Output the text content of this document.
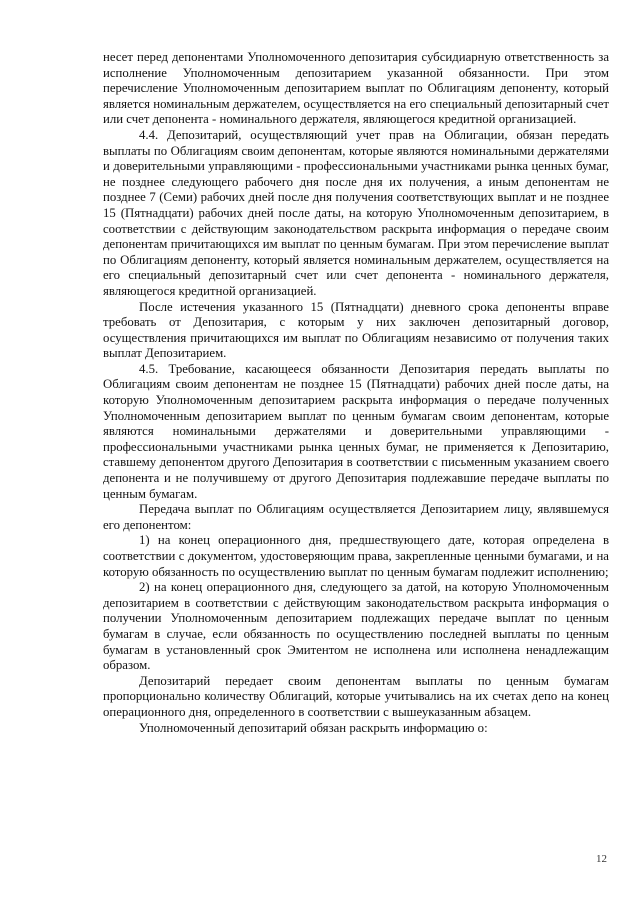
несет перед депонентами Уполномоченного депозитария субсидиарную ответственность за исполнение Уполномоченным депозитарием указанной обязанности. При этом перечисление Уполномоченным депозитарием выплат по Облигациям депоненту, который является номинальным держателем, осуществляется на его специальный депозитарный счет или счет депонента - номинального держателя, являющегося кредитной организацией.

4.4. Депозитарий, осуществляющий учет прав на Облигации, обязан передать выплаты по Облигациям своим депонентам, которые являются номинальными держателями и доверительными управляющими - профессиональными участниками рынка ценных бумаг, не позднее следующего рабочего дня после дня их получения, а иным депонентам не позднее 7 (Семи) рабочих дней после дня получения соответствующих выплат и не позднее 15 (Пятнадцати) рабочих дней после даты, на которую Уполномоченным депозитарием, в соответствии с действующим законодательством раскрыта информация о передаче своим депонентам причитающихся им выплат по ценным бумагам. При этом перечисление выплат по Облигациям депоненту, который является номинальным держателем, осуществляется на его специальный депозитарный счет или счет депонента - номинального держателя, являющегося кредитной организацией.

После истечения указанного 15 (Пятнадцати) дневного срока депоненты вправе требовать от Депозитария, с которым у них заключен депозитарный договор, осуществления причитающихся им выплат по Облигациям независимо от получения таких выплат Депозитарием.

4.5. Требование, касающееся обязанности Депозитария передать выплаты по Облигациям своим депонентам не позднее 15 (Пятнадцати) рабочих дней после даты, на которую Уполномоченным депозитарием раскрыта информация о передаче полученных Уполномоченным депозитарием выплат по ценным бумагам своим депонентам, которые являются номинальными держателями и доверительными управляющими - профессиональными участниками рынка ценных бумаг, не применяется к Депозитарию, ставшему депонентом другого Депозитария в соответствии с письменным указанием своего депонента и не получившему от другого Депозитария подлежавшие передаче выплаты по ценным бумагам.

Передача выплат по Облигациям осуществляется Депозитарием лицу, являвшемуся его депонентом:

1) на конец операционного дня, предшествующего дате, которая определена в соответствии с документом, удостоверяющим права, закрепленные ценными бумагами, и на которую обязанность по осуществлению выплат по ценным бумагам подлежит исполнению;

2) на конец операционного дня, следующего за датой, на которую Уполномоченным депозитарием в соответствии с действующим законодательством раскрыта информация о получении Уполномоченным депозитарием подлежащих передаче выплат по ценным бумагам в случае, если обязанность по осуществлению последней выплаты по ценным бумагам в установленный срок Эмитентом не исполнена или исполнена ненадлежащим образом.

Депозитарий передает своим депонентам выплаты по ценным бумагам пропорционально количеству Облигаций, которые учитывались на их счетах депо на конец операционного дня, определенного в соответствии с вышеуказанным абзацем.

Уполномоченный депозитарий обязан раскрыть информацию о:

12
